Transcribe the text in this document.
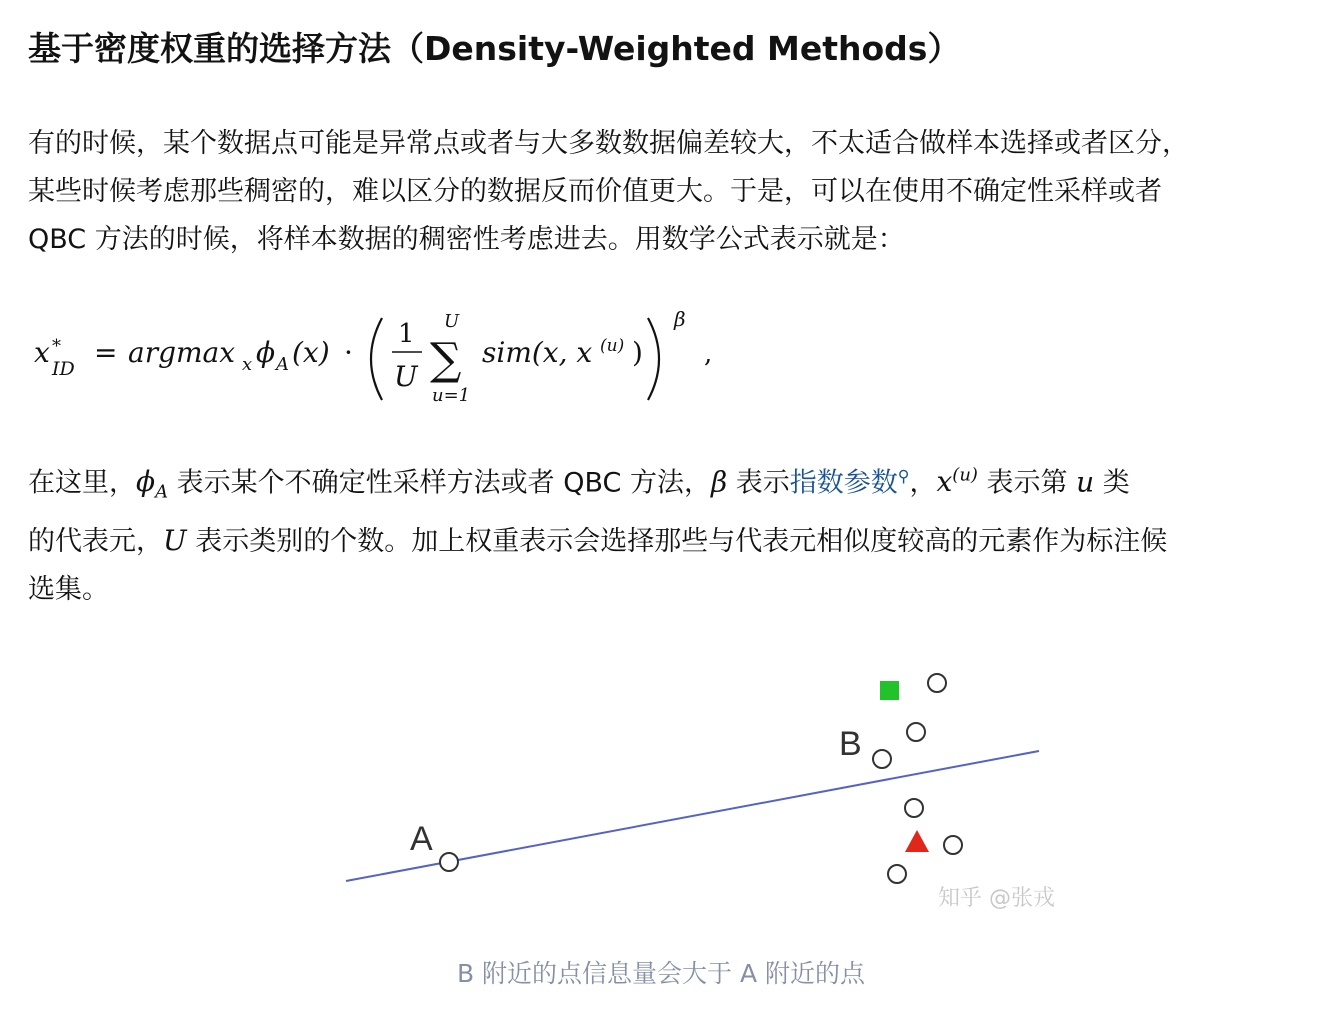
基于密度权重的选择方法（Density-Weighted Methods）

有的时候，某个数据点可能是异常点或者与大多数数据偏差较大，不太适合做样本选择或者区分，
某些时候考虑那些稠密的，难以区分的数据反而价值更大。于是，可以在使用不确定性采样或者
QBC 方法的时候，将样本数据的稠密性考虑进去。用数学公式表示就是：

x *
ID = argmax x ϕ A (x) ·
1
U
U
∑
u=1
sim(x, x (u) )
β
,

在这里，$\phi_A$ 表示某个不确定性采样方法或者 QBC 方法，β 表示指数参数⚲，$x^{(u)}$ 表示第 u 类
的代表元，U 表示类别的个数。加上权重表示会选择那些与代表元相似度较高的元素作为标注候
选集。

A
B
知乎 @张戎
B 附近的点信息量会大于 A 附近的点
